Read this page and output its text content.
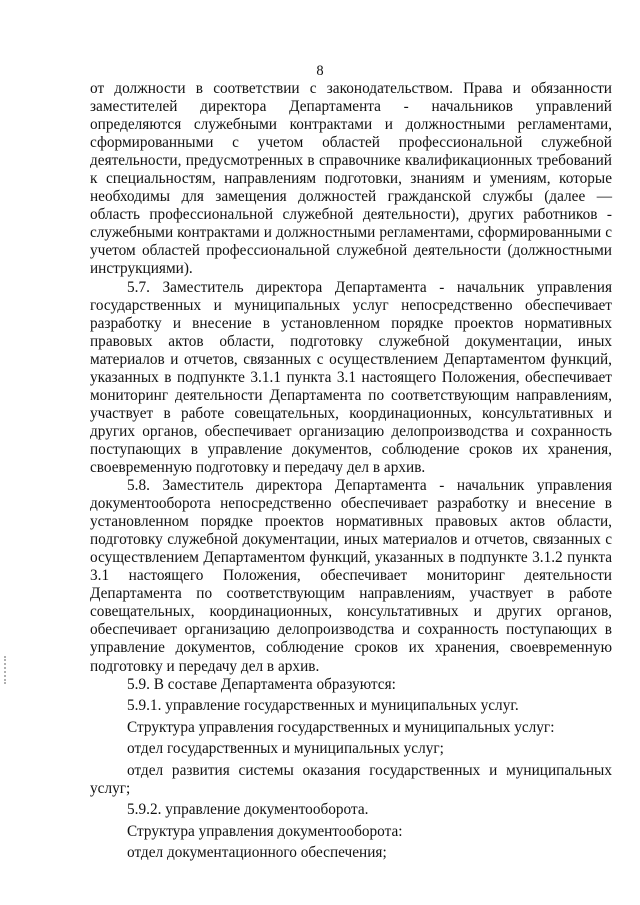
8

от должности в соответствии с законодательством. Права и обязанности заместителей директора Департамента - начальников управлений определяются служебными контрактами и должностными регламентами, сформированными с учетом областей профессиональной служебной деятельности, предусмотренных в справочнике квалификационных требований к специальностям, направлениям подготовки, знаниям и умениям, которые необходимы для замещения должностей гражданской службы (далее — область профессиональной служебной деятельности), других работников - служебными контрактами и должностными регламентами, сформированными с учетом областей профессиональной служебной деятельности (должностными инструкциями).

5.7. Заместитель директора Департамента - начальник управления государственных и муниципальных услуг непосредственно обеспечивает разработку и внесение в установленном порядке проектов нормативных правовых актов области, подготовку служебной документации, иных материалов и отчетов, связанных с осуществлением Департаментом функций, указанных в подпункте 3.1.1 пункта 3.1 настоящего Положения, обеспечивает мониторинг деятельности Департамента по соответствующим направлениям, участвует в работе совещательных, координационных, консультативных и других органов, обеспечивает организацию делопроизводства и сохранность поступающих в управление документов, соблюдение сроков их хранения, своевременную подготовку и передачу дел в архив.

5.8. Заместитель директора Департамента - начальник управления документооборота непосредственно обеспечивает разработку и внесение в установленном порядке проектов нормативных правовых актов области, подготовку служебной документации, иных материалов и отчетов, связанных с осуществлением Департаментом функций, указанных в подпункте 3.1.2 пункта 3.1 настоящего Положения, обеспечивает мониторинг деятельности Департамента по соответствующим направлениям, участвует в работе совещательных, координационных, консультативных и других органов, обеспечивает организацию делопроизводства и сохранность поступающих в управление документов, соблюдение сроков их хранения, своевременную подготовку и передачу дел в архив.

5.9. В составе Департамента образуются:

5.9.1. управление государственных и муниципальных услуг.

Структура управления государственных и муниципальных услуг:

отдел государственных и муниципальных услуг;

отдел развития системы оказания государственных и муниципальных услуг;

5.9.2. управление документооборота.

Структура управления документооборота:

отдел документационного обеспечения;
